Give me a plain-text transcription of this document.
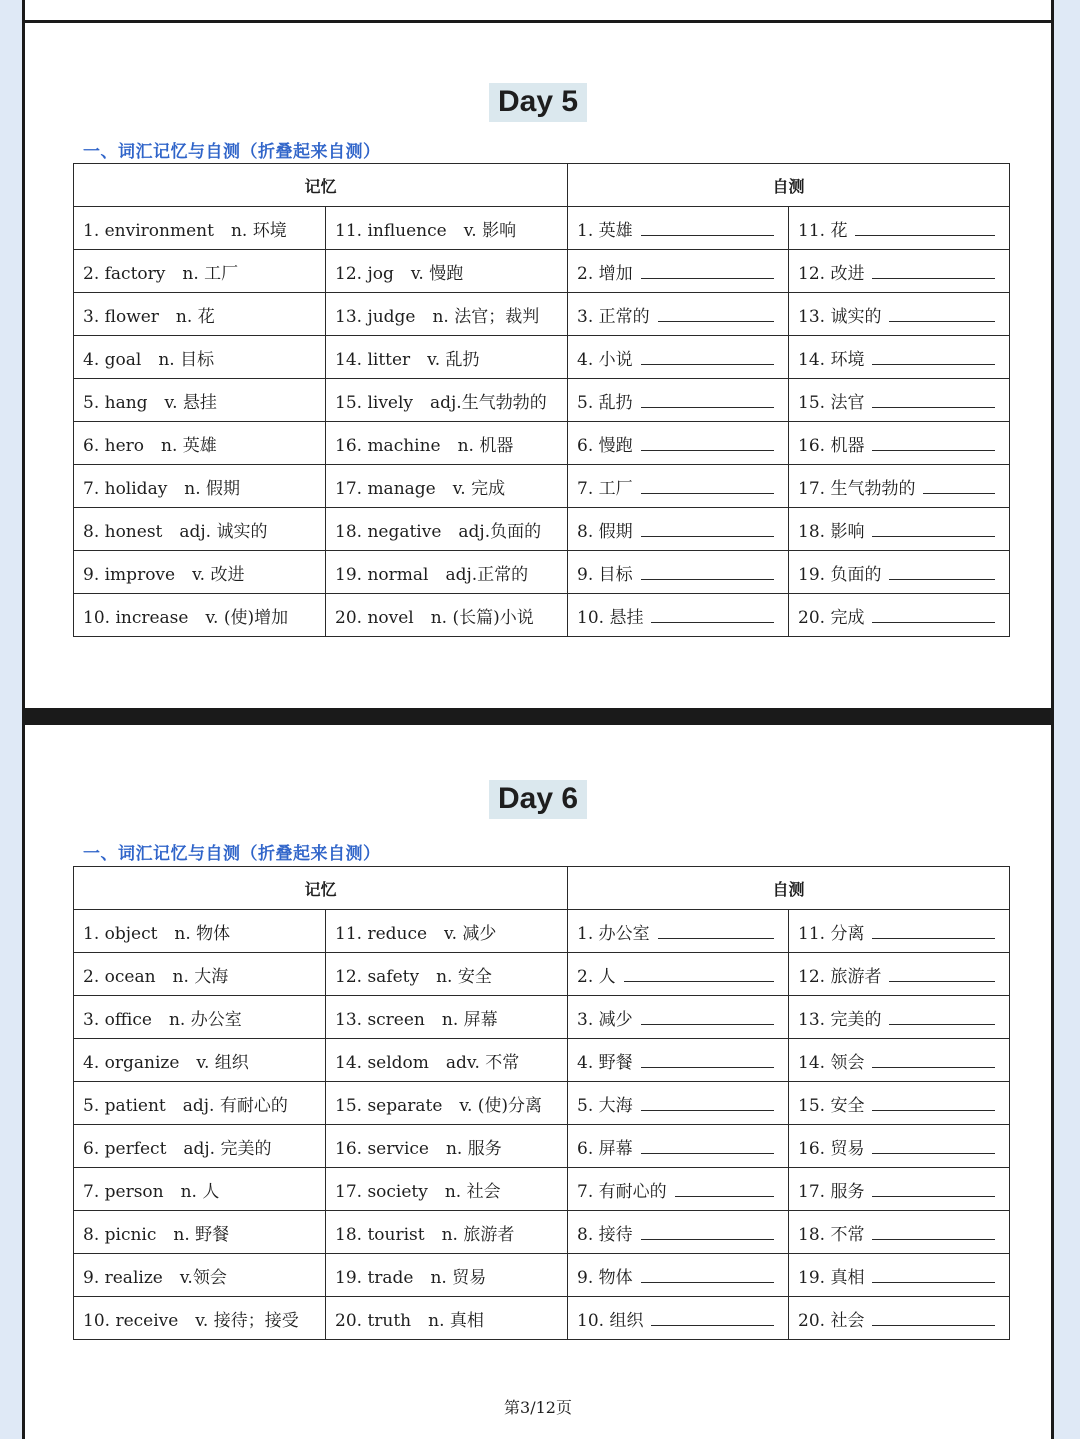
Day 5
一、词汇记忆与自测（折叠起来自测）
记忆		自测	
1. environment　n. 环境	11. influence　v. 影响	1. 英雄	11. 花
2. factory　n. 工厂	12. jog　v. 慢跑	2. 增加	12. 改进
3. flower　n. 花	13. judge　n. 法官；裁判	3. 正常的	13. 诚实的
4. goal　n. 目标	14. litter　v. 乱扔	4. 小说	14. 环境
5. hang　v. 悬挂	15. lively　adj.生气勃勃的	5. 乱扔	15. 法官
6. hero　n. 英雄	16. machine　n. 机器	6. 慢跑	16. 机器
7. holiday　n. 假期	17. manage　v. 完成	7. 工厂	17. 生气勃勃的
8. honest　adj. 诚实的	18. negative　adj.负面的	8. 假期	18. 影响
9. improve　v. 改进	19. normal　adj.正常的	9. 目标	19. 负面的
10. increase　v. (使)增加	20. novel　n. (长篇)小说	10. 悬挂	20. 完成
Day 6
一、词汇记忆与自测（折叠起来自测）
记忆		自测	
1. object　n. 物体	11. reduce　v. 减少	1. 办公室	11. 分离
2. ocean　n. 大海	12. safety　n. 安全	2. 人	12. 旅游者
3. office　n. 办公室	13. screen　n. 屏幕	3. 减少	13. 完美的
4. organize　v. 组织	14. seldom　adv. 不常	4. 野餐	14. 领会
5. patient　adj. 有耐心的	15. separate　v. (使)分离	5. 大海	15. 安全
6. perfect　adj. 完美的	16. service　n. 服务	6. 屏幕	16. 贸易
7. person　n. 人	17. society　n. 社会	7. 有耐心的	17. 服务
8. picnic　n. 野餐	18. tourist　n. 旅游者	8. 接待	18. 不常
9. realize　v.领会	19. trade　n. 贸易	9. 物体	19. 真相
10. receive　v. 接待；接受	20. truth　n. 真相	10. 组织	20. 社会
第3/12页
